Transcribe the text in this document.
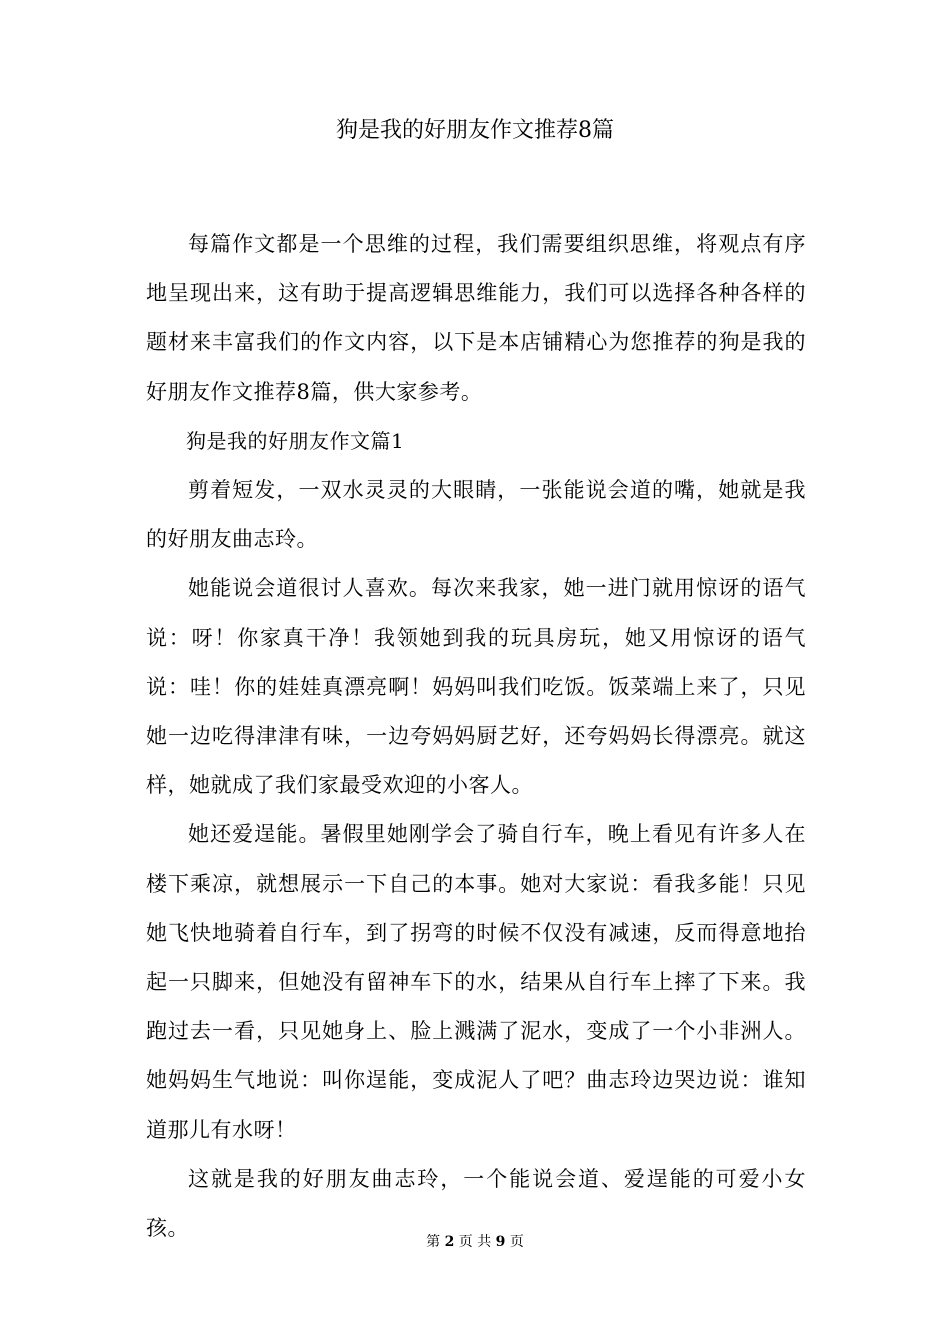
狗是我的好朋友作文推荐8篇

每篇作文都是一个思维的过程，我们需要组织思维，将观点有序地呈现出来，这有助于提高逻辑思维能力，我们可以选择各种各样的题材来丰富我们的作文内容，以下是本店铺精心为您推荐的狗是我的好朋友作文推荐8篇，供大家参考。

狗是我的好朋友作文篇1

剪着短发，一双水灵灵的大眼睛，一张能说会道的嘴，她就是我的好朋友曲志玲。

她能说会道很讨人喜欢。每次来我家，她一进门就用惊讶的语气说：呀！你家真干净！我领她到我的玩具房玩，她又用惊讶的语气说：哇！你的娃娃真漂亮啊！妈妈叫我们吃饭。饭菜端上来了，只见她一边吃得津津有味，一边夸妈妈厨艺好，还夸妈妈长得漂亮。就这样，她就成了我们家最受欢迎的小客人。

她还爱逞能。暑假里她刚学会了骑自行车，晚上看见有许多人在楼下乘凉，就想展示一下自己的本事。她对大家说：看我多能！只见她飞快地骑着自行车，到了拐弯的时候不仅没有减速，反而得意地抬起一只脚来，但她没有留神车下的水，结果从自行车上摔了下来。我跑过去一看，只见她身上、脸上溅满了泥水，变成了一个小非洲人。她妈妈生气地说：叫你逞能，变成泥人了吧？曲志玲边哭边说：谁知道那儿有水呀！

这就是我的好朋友曲志玲，一个能说会道、爱逞能的可爱小女孩。

第 2 页 共 9 页
